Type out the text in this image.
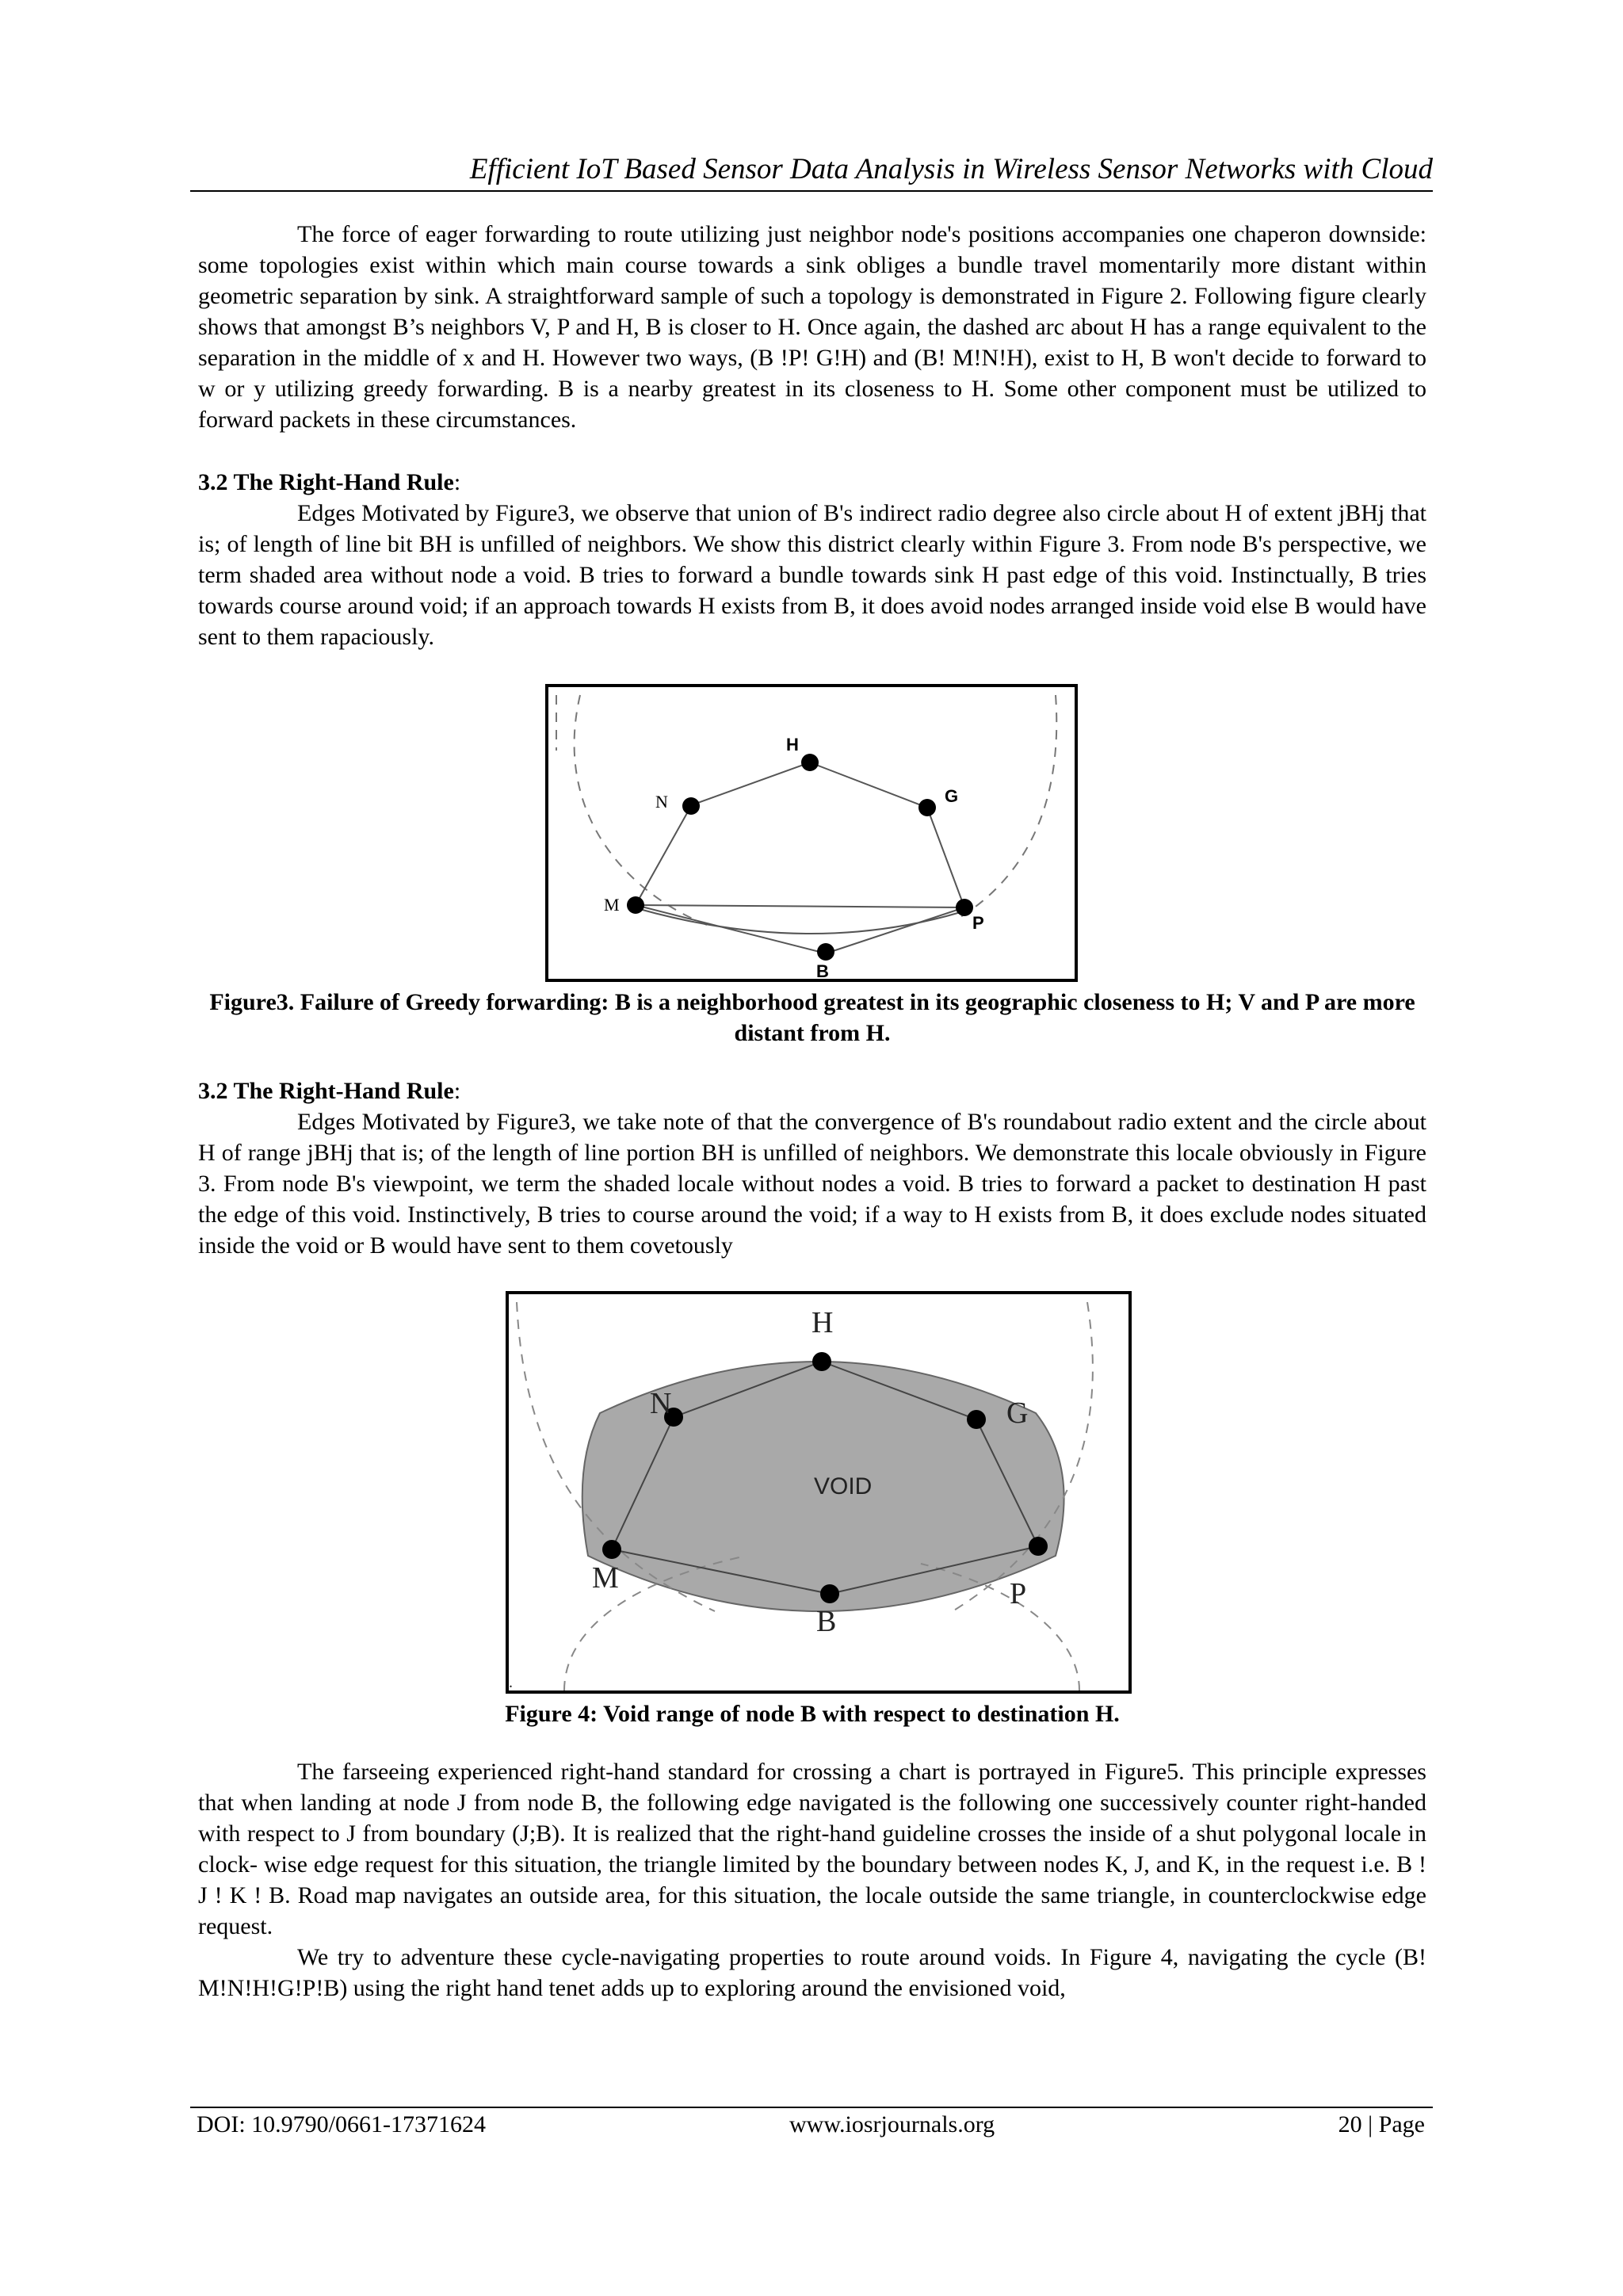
Efficient IoT Based Sensor Data Analysis in Wireless Sensor Networks with Cloud

The force of eager forwarding to route utilizing just neighbor node's positions accompanies one chaperon downside: some topologies exist within which main course towards a sink obliges a bundle travel momentarily more distant within geometric separation by sink. A straightforward sample of such a topology is demonstrated in Figure 2. Following figure clearly shows that amongst B’s neighbors V, P and H, B is closer to H. Once again, the dashed arc about H has a range equivalent to the separation in the middle of x and H. However two ways, (B !P! G!H) and (B! M!N!H), exist to H, B won't decide to forward to w or y utilizing greedy forwarding. B is a nearby greatest in its closeness to H. Some other component must be utilized to forward packets in these circumstances.

3.2 The Right-Hand Rule:

Edges Motivated by Figure3, we observe that union of B's indirect radio degree also circle about H of extent jBHj that is; of length of line bit BH is unfilled of neighbors. We show this district clearly within Figure 3. From node B's perspective, we term shaded area without node a void. B tries to forward a bundle towards sink H past edge of this void. Instinctually, B tries towards course around void; if an approach towards H exists from B, it does avoid nodes arranged inside void else B would have sent to them rapaciously.

H
N	G
M
P
B
Figure3. Failure of Greedy forwarding: B is a neighborhood greatest in its geographic closeness to H; V and P are more distant from H.
3.2 The Right-Hand Rule:

Edges Motivated by Figure3, we take note of that the convergence of B's roundabout radio extent and the circle about H of range jBHj that is; of the length of line portion BH is unfilled of neighbors. We demonstrate this locale obviously in Figure 3. From node B's viewpoint, we term the shaded locale without nodes a void. B tries to forward a packet to destination H past the edge of this void. Instinctively, B tries to course around the void; if a way to H exists from B, it does exclude nodes situated inside the void or B would have sent to them covetously

H
N	G
M	P
B
VOID
.
Figure 4: Void range of node B with respect to destination H.

The farseeing experienced right-hand standard for crossing a chart is portrayed in Figure5. This principle expresses that when landing at node J from node B, the following edge navigated is the following one successively counter right-handed with respect to J from boundary (J;B). It is realized that the right-hand guideline crosses the inside of a shut polygonal locale in clock- wise edge request for this situation, the triangle limited by the boundary between nodes K, J, and K, in the request i.e. B ! J ! K ! B. Road map navigates an outside area, for this situation, the locale outside the same triangle, in counterclockwise edge request.

We try to adventure these cycle-navigating properties to route around voids. In Figure 4, navigating the cycle (B! M!N!H!G!P!B) using the right hand tenet adds up to exploring around the envisioned void,

DOI: 10.9790/0661-17371624	www.iosrjournals.org	20 | Page
